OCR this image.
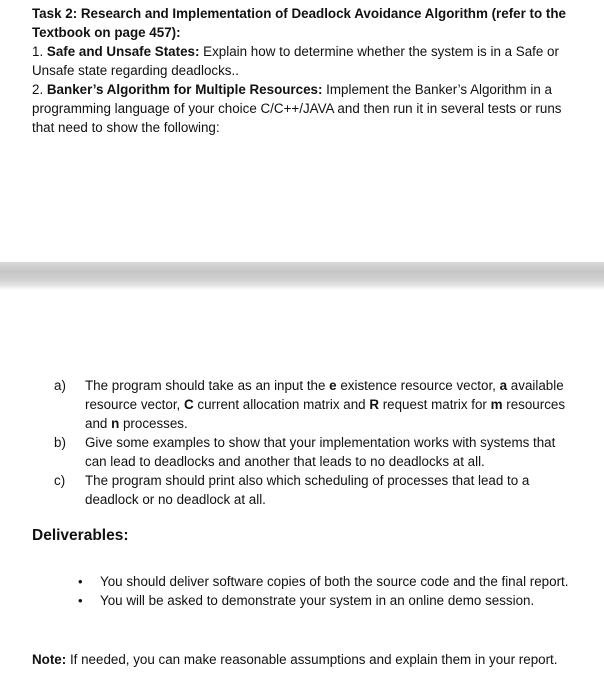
Task 2: Research and Implementation of Deadlock Avoidance Algorithm (refer to the Textbook on page 457):

1. Safe and Unsafe States: Explain how to determine whether the system is in a Safe or Unsafe state regarding deadlocks..

2. Banker’s Algorithm for Multiple Resources: Implement the Banker’s Algorithm in a programming language of your choice C/C++/JAVA and then run it in several tests or runs that need to show the following:

a) The program should take as an input the e existence resource vector, a available resource vector, C current allocation matrix and R request matrix for m resources and n processes.
b) Give some examples to show that your implementation works with systems that can lead to deadlocks and another that leads to no deadlocks at all.
c) The program should print also which scheduling of processes that lead to a deadlock or no deadlock at all.
Deliverables:
• You should deliver software copies of both the source code and the final report.
• You will be asked to demonstrate your system in an online demo session.

Note: If needed, you can make reasonable assumptions and explain them in your report.
